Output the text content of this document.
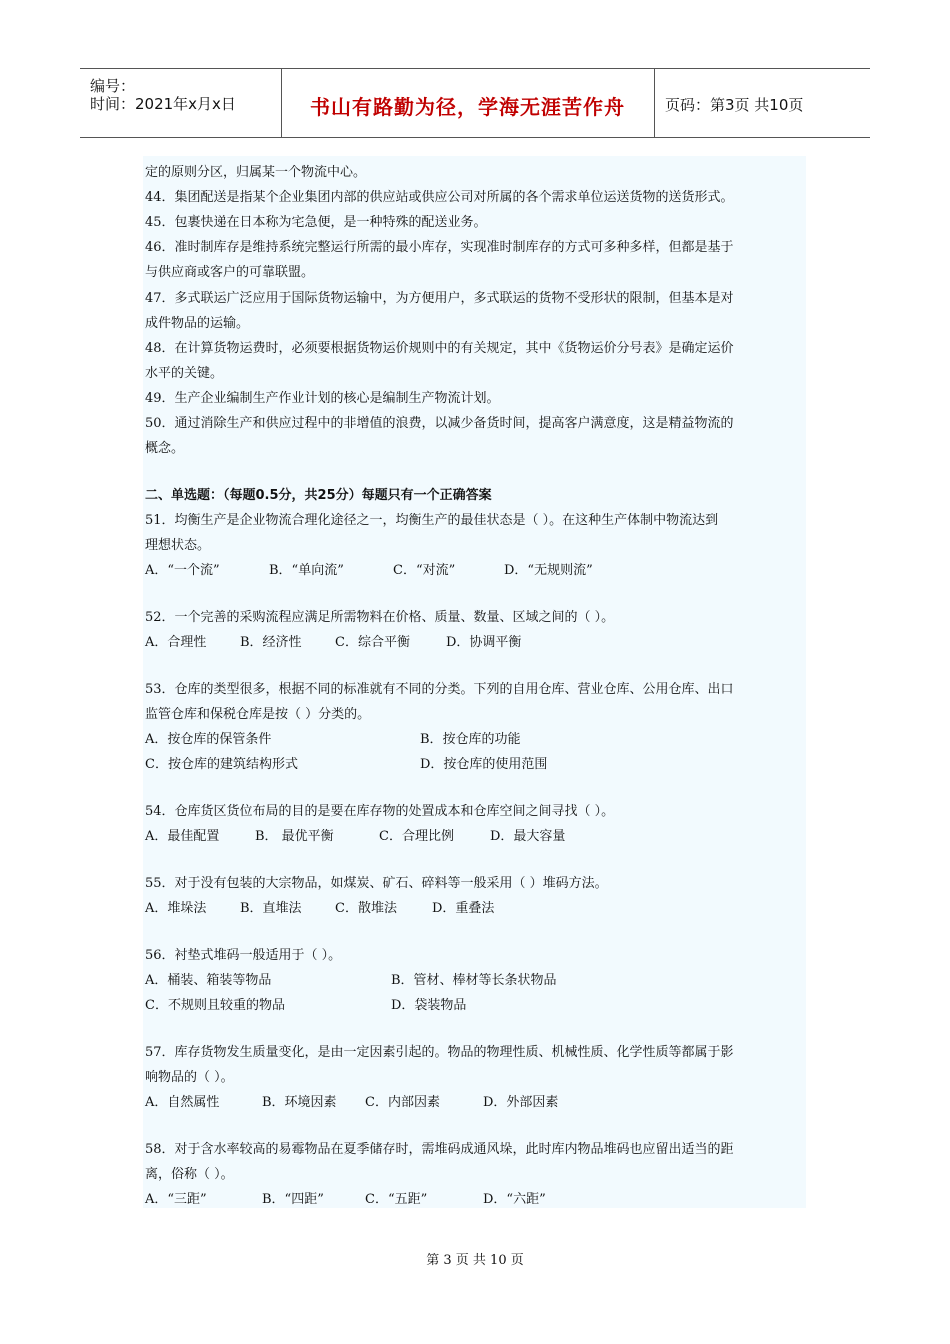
编号：
时间：2021年x月x日	书山有路勤为径，学海无涯苦作舟	页码：第3页 共10页
定的原则分区，归属某一个物流中心。
44．集团配送是指某个企业集团内部的供应站或供应公司对所属的各个需求单位运送货物的送货形式。
45．包裹快递在日本称为宅急便，是一种特殊的配送业务。
46．准时制库存是维持系统完整运行所需的最小库存，实现准时制库存的方式可多种多样，但都是基于
与供应商或客户的可靠联盟。
47．多式联运广泛应用于国际货物运输中，为方便用户，多式联运的货物不受形状的限制，但基本是对
成件物品的运输。
48．在计算货物运费时，必须要根据货物运价规则中的有关规定，其中《货物运价分号表》是确定运价
水平的关键。
49．生产企业编制生产作业计划的核心是编制生产物流计划。
50．通过消除生产和供应过程中的非增值的浪费，以减少备货时间，提高客户满意度，这是精益物流的
概念。
二、单选题：（每题0.5分，共25分）每题只有一个正确答案
51．均衡生产是企业物流合理化途径之一，均衡生产的最佳状态是（ ）。在这种生产体制中物流达到
理想状态。
A．“一个流”	B．“单向流”	C．“对流”	D．“无规则流”
52．一个完善的采购流程应满足所需物料在价格、质量、数量、区域之间的（ ）。
A．合理性	B．经济性	C．综合平衡	D．协调平衡
53．仓库的类型很多，根据不同的标准就有不同的分类。下列的自用仓库、营业仓库、公用仓库、出口
监管仓库和保税仓库是按（ ）分类的。
A．按仓库的保管条件	B．按仓库的功能
C．按仓库的建筑结构形式	D．按仓库的使用范围
54．仓库货区货位布局的目的是要在库存物的处置成本和仓库空间之间寻找（ ）。
A．最佳配置	B． 最优平衡	C．合理比例	D．最大容量
55．对于没有包装的大宗物品，如煤炭、矿石、碎料等一般采用（ ）堆码方法。
A．堆垛法	B．直堆法	C．散堆法	D．重叠法
56．衬垫式堆码一般适用于（ ）。
A．桶装、箱装等物品	B．管材、棒材等长条状物品
C．不规则且较重的物品	D．袋装物品
57．库存货物发生质量变化，是由一定因素引起的。物品的物理性质、机械性质、化学性质等都属于影
响物品的（ ）。
A．自然属性	B．环境因素 C．内部因素	D．外部因素
58．对于含水率较高的易霉物品在夏季储存时，需堆码成通风垛，此时库内物品堆码也应留出适当的距
离，俗称（ ）。
A．“三距”	B．“四距”	C．“五距”	D．“六距”
第 3 页 共 10 页
